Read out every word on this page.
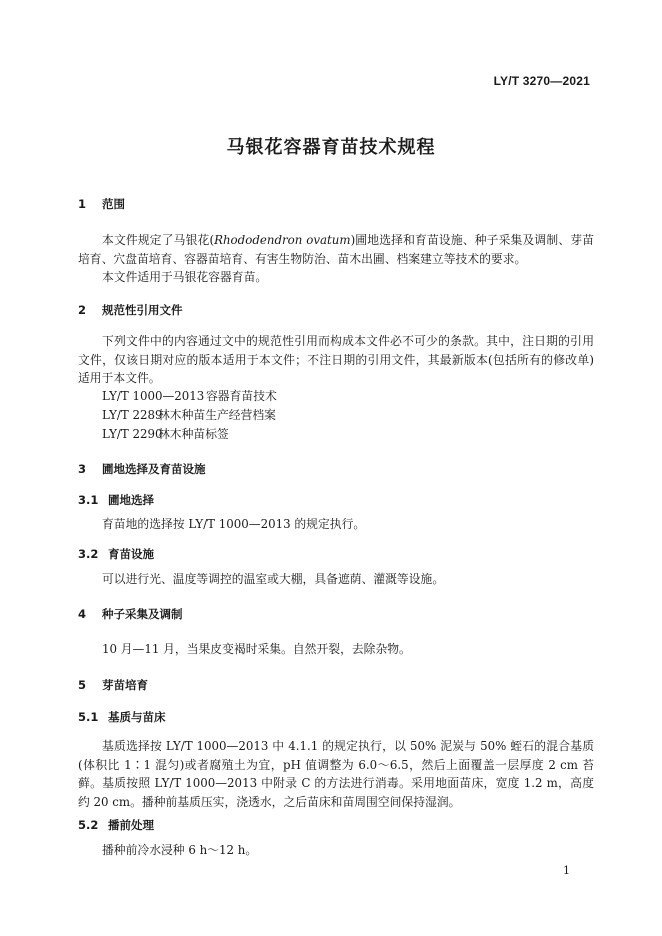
LY/T 3270—2021
马银花容器育苗技术规程
1 范围
本文件规定了马银花(Rhododendron ovatum)圃地选择和育苗设施、种子采集及调制、芽苗培育、穴盘苗培育、容器苗培育、有害生物防治、苗木出圃、档案建立等技术的要求。
本文件适用于马银花容器育苗。
2 规范性引用文件
下列文件中的内容通过文中的规范性引用而构成本文件必不可少的条款。其中，注日期的引用文件，仅该日期对应的版本适用于本文件；不注日期的引用文件，其最新版本(包括所有的修改单)适用于本文件。
LY/T 1000—2013 容器育苗技术
LY/T 2289林木种苗生产经营档案
LY/T 2290林木种苗标签
3 圃地选择及育苗设施
3.1 圃地选择
育苗地的选择按 LY/T 1000—2013 的规定执行。
3.2 育苗设施
可以进行光、温度等调控的温室或大棚，具备遮荫、灌溉等设施。
4 种子采集及调制
10 月—11 月，当果皮变褐时采集。自然开裂，去除杂物。
5 芽苗培育
5.1 基质与苗床
基质选择按 LY/T 1000—2013 中 4.1.1 的规定执行，以 50% 泥炭与 50% 蛭石的混合基质(体积比 1∶1 混匀)或者腐殖土为宜，pH 值调整为 6.0～6.5，然后上面覆盖一层厚度 2 cm 苔藓。基质按照 LY/T 1000—2013 中附录 C 的方法进行消毒。采用地面苗床，宽度 1.2 m，高度约 20 cm。播种前基质压实，浇透水，之后苗床和苗周围空间保持湿润。
5.2 播前处理
播种前冷水浸种 6 h～12 h。
1
